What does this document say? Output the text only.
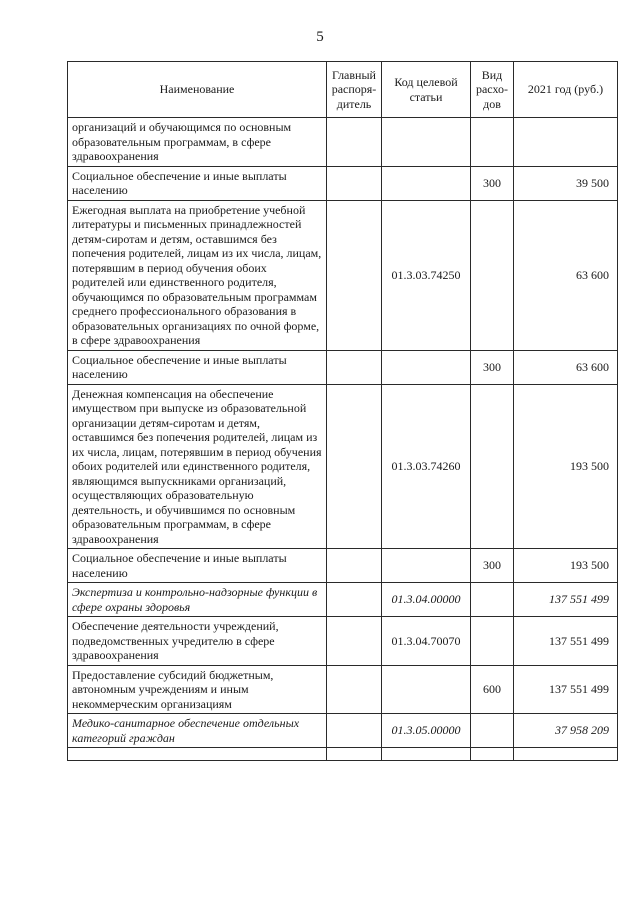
5
Наименование	Главный распоря-дитель	Код целевой статьи	Вид расхо-дов	2021 год (руб.)
организаций и обучающимся по основным образовательным программам, в сфере здравоохранения				
Социальное обеспечение и иные выплаты населению			300	39 500
Ежегодная выплата на приобретение учебной литературы и письменных принадлежностей детям-сиротам и детям, оставшимся без попечения родителей, лицам из их числа, лицам, потерявшим в период обучения обоих родителей или единственного родителя, обучающимся по образовательным программам среднего профессионального образования в образовательных организациях по очной форме, в сфере здравоохранения		01.3.03.74250		63 600
Социальное обеспечение и иные выплаты населению			300	63 600
Денежная компенсация на обеспечение имуществом при выпуске из образовательной организации детям-сиротам и детям, оставшимся без попечения родителей, лицам из их числа, лицам, потерявшим в период обучения обоих родителей или единственного родителя, являющимся выпускниками организаций, осуществляющих образовательную деятельность, и обучившимся по основным образовательным программам, в сфере здравоохранения		01.3.03.74260		193 500
Социальное обеспечение и иные выплаты населению			300	193 500
Экспертиза и контрольно-надзорные функции в сфере охраны здоровья		01.3.04.00000		137 551 499
Обеспечение деятельности учреждений, подведомственных учредителю в сфере здравоохранения		01.3.04.70070		137 551 499
Предоставление субсидий бюджетным, автономным учреждениям и иным некоммерческим организациям			600	137 551 499
Медико-санитарное обеспечение отдельных категорий граждан		01.3.05.00000		37 958 209
